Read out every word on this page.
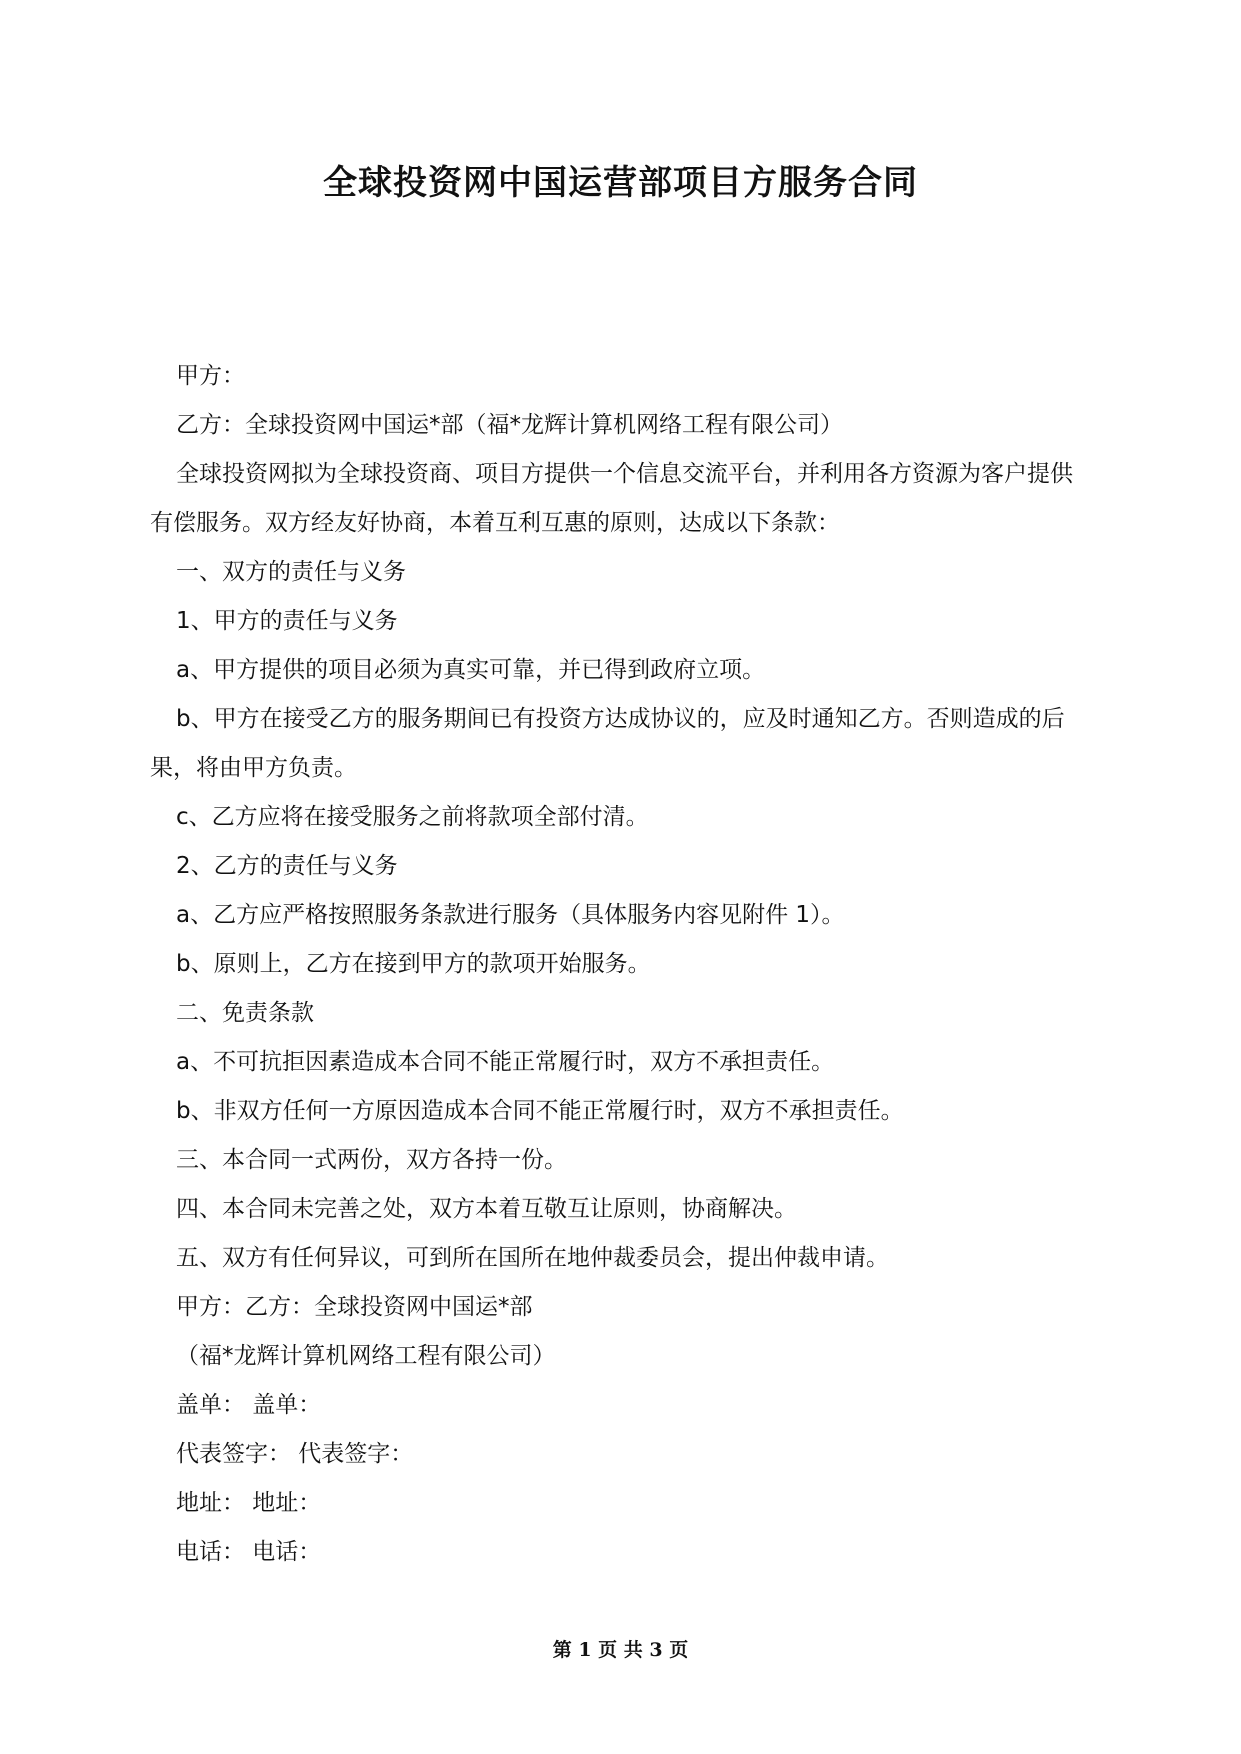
全球投资网中国运营部项目方服务合同

甲方：

乙方：全球投资网中国运*部（福*龙辉计算机网络工程有限公司）

全球投资网拟为全球投资商、项目方提供一个信息交流平台，并利用各方资源为客户提供有偿服务。双方经友好协商，本着互利互惠的原则，达成以下条款：

一、双方的责任与义务

1、甲方的责任与义务

a、甲方提供的项目必须为真实可靠，并已得到政府立项。

b、甲方在接受乙方的服务期间已有投资方达成协议的，应及时通知乙方。否则造成的后果，将由甲方负责。

c、乙方应将在接受服务之前将款项全部付清。

2、乙方的责任与义务

a、乙方应严格按照服务条款进行服务（具体服务内容见附件 1）。

b、原则上，乙方在接到甲方的款项开始服务。

二、免责条款

a、不可抗拒因素造成本合同不能正常履行时，双方不承担责任。

b、非双方任何一方原因造成本合同不能正常履行时，双方不承担责任。

三、本合同一式两份，双方各持一份。

四、本合同未完善之处，双方本着互敬互让原则，协商解决。

五、双方有任何异议，可到所在国所在地仲裁委员会，提出仲裁申请。

甲方：乙方：全球投资网中国运*部

（福*龙辉计算机网络工程有限公司）

盖单： 盖单：

代表签字： 代表签字：

地址： 地址：

电话： 电话：

第 1 页 共 3 页
